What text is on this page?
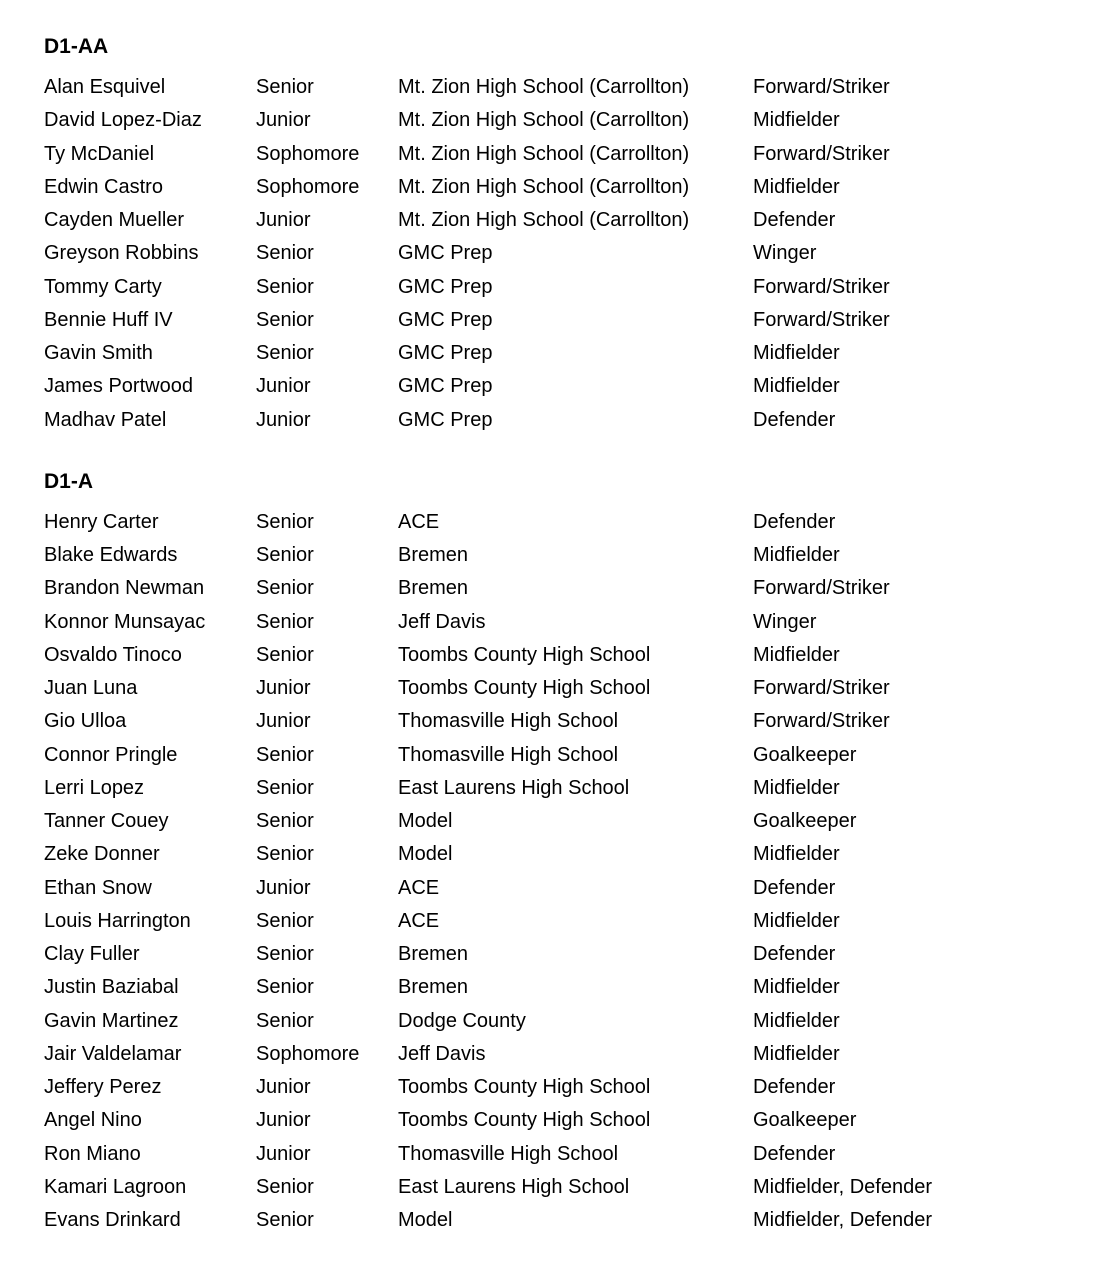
D1-AA
Alan Esquivel	Senior	Mt. Zion High School (Carrollton)	Forward/Striker
David Lopez-Diaz	Junior	Mt. Zion High School (Carrollton)	Midfielder
Ty McDaniel	Sophomore	Mt. Zion High School (Carrollton)	Forward/Striker
Edwin Castro	Sophomore	Mt. Zion High School (Carrollton)	Midfielder
Cayden Mueller	Junior	Mt. Zion High School (Carrollton)	Defender
Greyson Robbins	Senior	GMC Prep	Winger
Tommy Carty	Senior	GMC Prep	Forward/Striker
Bennie Huff IV	Senior	GMC Prep	Forward/Striker
Gavin Smith	Senior	GMC Prep	Midfielder
James Portwood	Junior	GMC Prep	Midfielder
Madhav Patel	Junior	GMC Prep	Defender
D1-A
Henry Carter	Senior	ACE	Defender
Blake Edwards	Senior	Bremen	Midfielder
Brandon Newman	Senior	Bremen	Forward/Striker
Konnor Munsayac	Senior	Jeff Davis	Winger
Osvaldo Tinoco	Senior	Toombs County High School	Midfielder
Juan Luna	Junior	Toombs County High School	Forward/Striker
Gio Ulloa	Junior	Thomasville High School	Forward/Striker
Connor Pringle	Senior	Thomasville High School	Goalkeeper
Lerri Lopez	Senior	East Laurens High School	Midfielder
Tanner Couey	Senior	Model	Goalkeeper
Zeke Donner	Senior	Model	Midfielder
Ethan Snow	Junior	ACE	Defender
Louis Harrington	Senior	ACE	Midfielder
Clay Fuller	Senior	Bremen	Defender
Justin Baziabal	Senior	Bremen	Midfielder
Gavin Martinez	Senior	Dodge County	Midfielder
Jair Valdelamar	Sophomore	Jeff Davis	Midfielder
Jeffery Perez	Junior	Toombs County High School	Defender
Angel Nino	Junior	Toombs County High School	Goalkeeper
Ron Miano	Junior	Thomasville High School	Defender
Kamari Lagroon	Senior	East Laurens High School	Midfielder, Defender
Evans Drinkard	Senior	Model	Midfielder, Defender
